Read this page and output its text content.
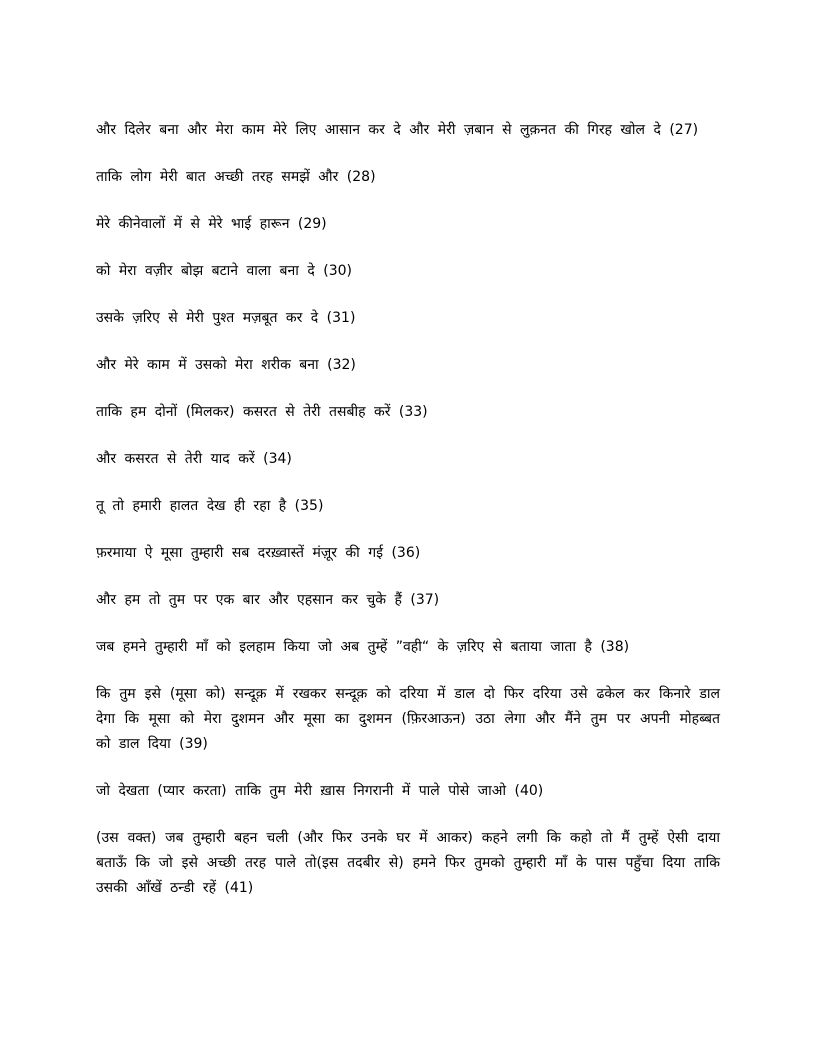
और दिलेर बना और मेरा काम मेरे लिए आसान कर दे और मेरी ज़बान से लुक़नत की गिरह खोल दे (27)

ताकि लोग मेरी बात अच्छी तरह समझें और (28)

मेरे कीनेवालों में से मेरे भाई हारून (29)

को मेरा वज़ीर बोझ बटाने वाला बना दे (30)

उसके ज़रिए से मेरी पुश्त मज़बूत कर दे (31)

और मेरे काम में उसको मेरा शरीक बना (32)

ताकि हम दोनों (मिलकर) कसरत से तेरी तसबीह करें (33)

और कसरत से तेरी याद करें (34)

तू तो हमारी हालत देख ही रहा है (35)

फ़रमाया ऐ मूसा तुम्हारी सब दरख़्वास्तें मंज़ूर की गई (36)

और हम तो तुम पर एक बार और एहसान कर चुके हैं (37)

जब हमने तुम्हारी माँ को इलहाम किया जो अब तुम्हें ”वही“ के ज़रिए से बताया जाता है (38)

कि तुम इसे (मूसा को) सन्दूक़ में रखकर सन्दूक़ को दरिया में डाल दो फिर दरिया उसे ढकेल कर किनारे डाल देगा कि मूसा को मेरा दुशमन और मूसा का दुशमन (फ़िरआऊन) उठा लेगा और मैंने तुम पर अपनी मोहब्बत को डाल दिया (39)

जो देखता (प्यार करता) ताकि तुम मेरी ख़ास निगरानी में पाले पोसे जाओ (40)

(उस वक्त) जब तुम्हारी बहन चली (और फिर उनके घर में आकर) कहने लगी कि कहो तो मैं तुम्हें ऐसी दाया बताऊँ कि जो इसे अच्छी तरह पाले तो(इस तदबीर से) हमने फिर तुमको तुम्हारी माँ के पास पहुँचा दिया ताकि उसकी आँखें ठन्डी रहें (41)
